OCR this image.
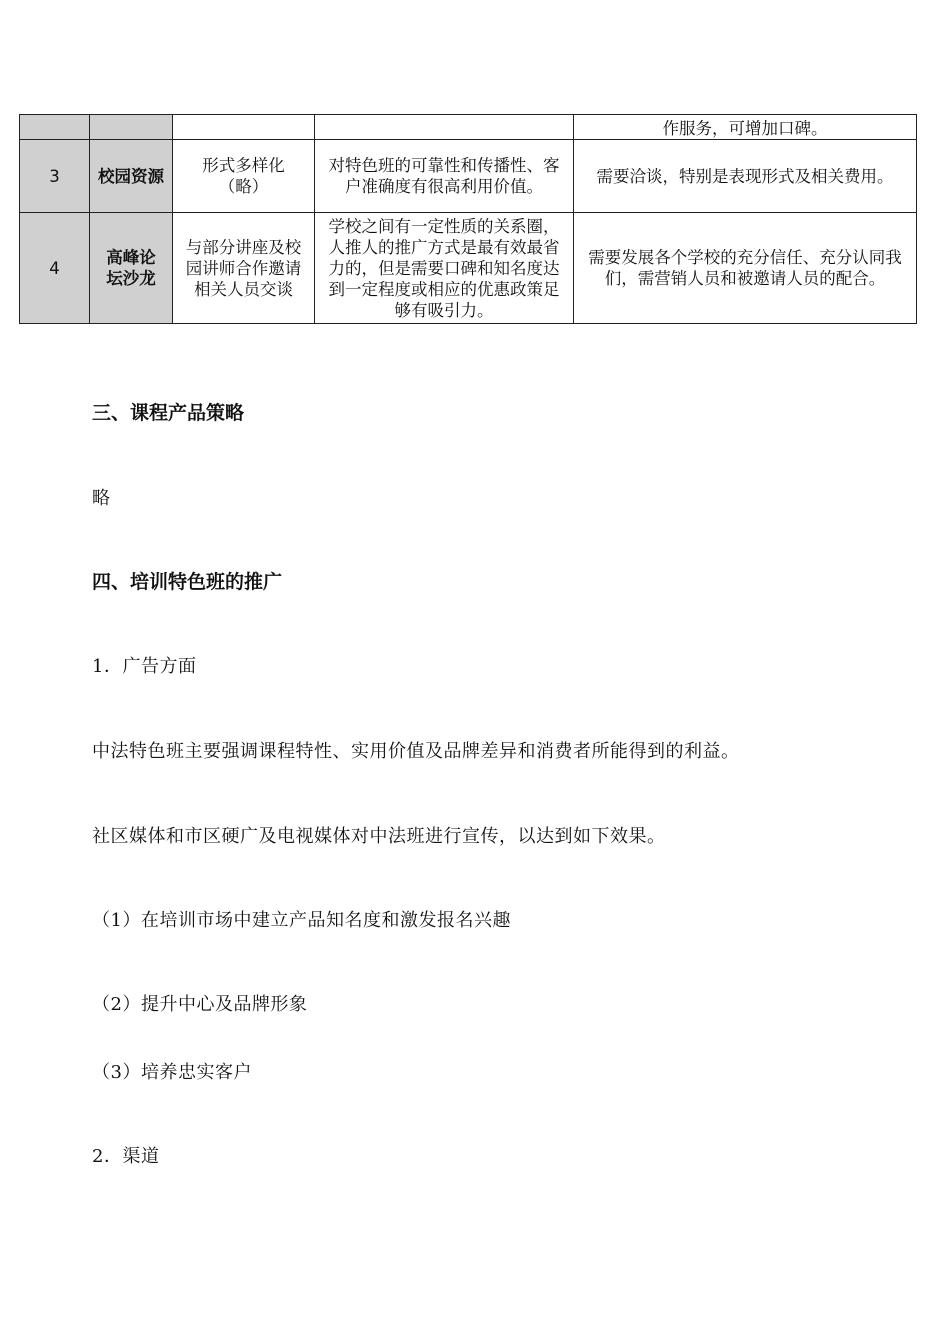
				作服务，可增加口碑。
3	校园资源	形式多样化（略）	对特色班的可靠性和传播性、客户准确度有很高利用价值。	需要洽谈，特别是表现形式及相关费用。
4	高峰论坛沙龙	与部分讲座及校园讲师合作邀请相关人员交谈	学校之间有一定性质的关系圈，人推人的推广方式是最有效最省力的，但是需要口碑和知名度达到一定程度或相应的优惠政策足够有吸引力。	需要发展各个学校的充分信任、充分认同我们，需营销人员和被邀请人员的配合。
三、课程产品策略
略
四、培训特色班的推广
1．广告方面
中法特色班主要强调课程特性、实用价值及品牌差异和消费者所能得到的利益。
社区媒体和市区硬广及电视媒体对中法班进行宣传，以达到如下效果。
（1）在培训市场中建立产品知名度和激发报名兴趣
（2）提升中心及品牌形象
（3）培养忠实客户
2．渠道
